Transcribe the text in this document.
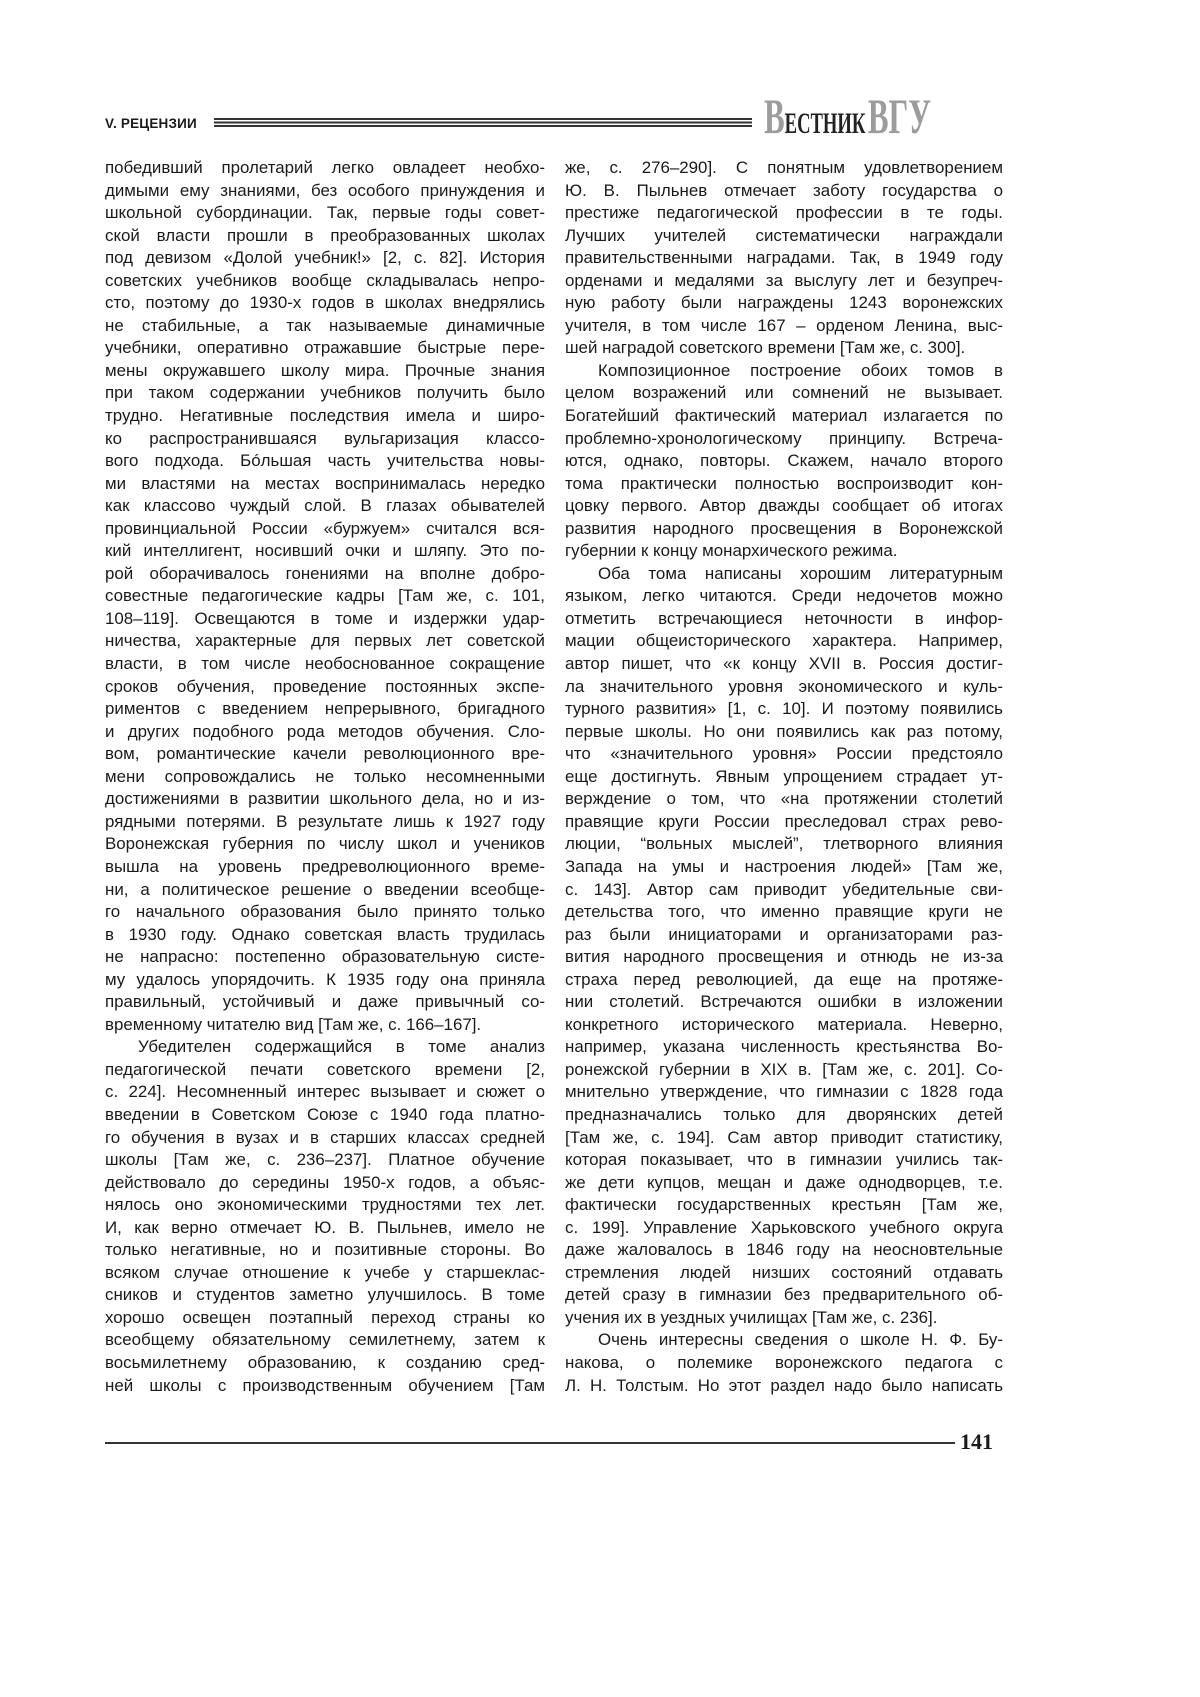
V. РЕЦЕНЗИИ	ВЕСТНИК ВГУ
победивший пролетарий легко овладеет необхо-
димыми ему знаниями, без особого принуждения и
школьной субординации. Так, первые годы совет-
ской власти прошли в преобразованных школах
под девизом «Долой учебник!» [2, с. 82]. История
советских учебников вообще складывалась непро-
сто, поэтому до 1930-х годов в школах внедрялись
не стабильные, а так называемые динамичные
учебники, оперативно отражавшие быстрые пере-
мены окружавшего школу мира. Прочные знания
при таком содержании учебников получить было
трудно. Негативные последствия имела и широ-
ко распространившаяся вульгаризация классо-
вого подхода. Бóльшая часть учительства новы-
ми властями на местах воспринималась нередко
как классово чуждый слой. В глазах обывателей
провинциальной России «буржуем» считался вся-
кий интеллигент, носивший очки и шляпу. Это по-
рой оборачивалось гонениями на вполне добро-
совестные педагогические кадры [Там же, с. 101,
108–119]. Освещаются в томе и издержки удар-
ничества, характерные для первых лет советской
власти, в том числе необоснованное сокращение
сроков обучения, проведение постоянных экспе-
риментов с введением непрерывного, бригадного
и других подобного рода методов обучения. Сло-
вом, романтические качели революционного вре-
мени сопровождались не только несомненными
достижениями в развитии школьного дела, но и из-
рядными потерями. В результате лишь к 1927 году
Воронежская губерния по числу школ и учеников
вышла на уровень предреволюционного време-
ни, а политическое решение о введении всеобще-
го начального образования было принято только
в 1930 году. Однако советская власть трудилась
не напрасно: постепенно образовательную систе-
му удалось упорядочить. К 1935 году она приняла
правильный, устойчивый и даже привычный со-
временному читателю вид [Там же, с. 166–167].
Убедителен содержащийся в томе анализ
педагогической печати советского времени [2,
с. 224]. Несомненный интерес вызывает и сюжет о
введении в Советском Союзе с 1940 года платно-
го обучения в вузах и в старших классах средней
школы [Там же, с. 236–237]. Платное обучение
действовало до середины 1950-х годов, а объяс-
нялось оно экономическими трудностями тех лет.
И, как верно отмечает Ю. В. Пыльнев, имело не
только негативные, но и позитивные стороны. Во
всяком случае отношение к учебе у старшеклас-
сников и студентов заметно улучшилось. В томе
хорошо освещен поэтапный переход страны ко
всеобщему обязательному семилетнему, затем к
восьмилетнему образованию, к созданию сред-
ней школы с производственным обучением [Там
же, с. 276–290]. С понятным удовлетворением
Ю. В. Пыльнев отмечает заботу государства о
престиже педагогической профессии в те годы.
Лучших учителей систематически награждали
правительственными наградами. Так, в 1949 году
орденами и медалями за выслугу лет и безупреч-
ную работу были награждены 1243 воронежских
учителя, в том числе 167 – орденом Ленина, выс-
шей наградой советского времени [Там же, с. 300].
Композиционное построение обоих томов в
целом возражений или сомнений не вызывает.
Богатейший фактический материал излагается по
проблемно-хронологическому принципу. Встреча-
ются, однако, повторы. Скажем, начало второго
тома практически полностью воспроизводит кон-
цовку первого. Автор дважды сообщает об итогах
развития народного просвещения в Воронежской
губернии к концу монархического режима.
Оба тома написаны хорошим литературным
языком, легко читаются. Среди недочетов можно
отметить встречающиеся неточности в инфор-
мации общеисторического характера. Например,
автор пишет, что «к концу XVII в. Россия достиг-
ла значительного уровня экономического и куль-
турного развития» [1, с. 10]. И поэтому появились
первые школы. Но они появились как раз потому,
что «значительного уровня» России предстояло
еще достигнуть. Явным упрощением страдает ут-
верждение о том, что «на протяжении столетий
правящие круги России преследовал страх рево-
люции, “вольных мыслей”, тлетворного влияния
Запада на умы и настроения людей» [Там же,
с. 143]. Автор сам приводит убедительные сви-
детельства того, что именно правящие круги не
раз были инициаторами и организаторами раз-
вития народного просвещения и отнюдь не из-за
страха перед революцией, да еще на протяже-
нии столетий. Встречаются ошибки в изложении
конкретного исторического материала. Неверно,
например, указана численность крестьянства Во-
ронежской губернии в XIX в. [Там же, с. 201]. Со-
мнительно утверждение, что гимназии с 1828 года
предназначались только для дворянских детей
[Там же, с. 194]. Сам автор приводит статистику,
которая показывает, что в гимназии учились так-
же дети купцов, мещан и даже однодворцев, т.е.
фактически государственных крестьян [Там же,
с. 199]. Управление Харьковского учебного округа
даже жаловалось в 1846 году на неосновтельные
стремления людей низших состояний отдавать
детей сразу в гимназии без предварительного об-
учения их в уездных училищах [Там же, с. 236].
Очень интересны сведения о школе Н. Ф. Бу-
накова, о полемике воронежского педагога с
Л. Н. Толстым. Но этот раздел надо было написать
141
